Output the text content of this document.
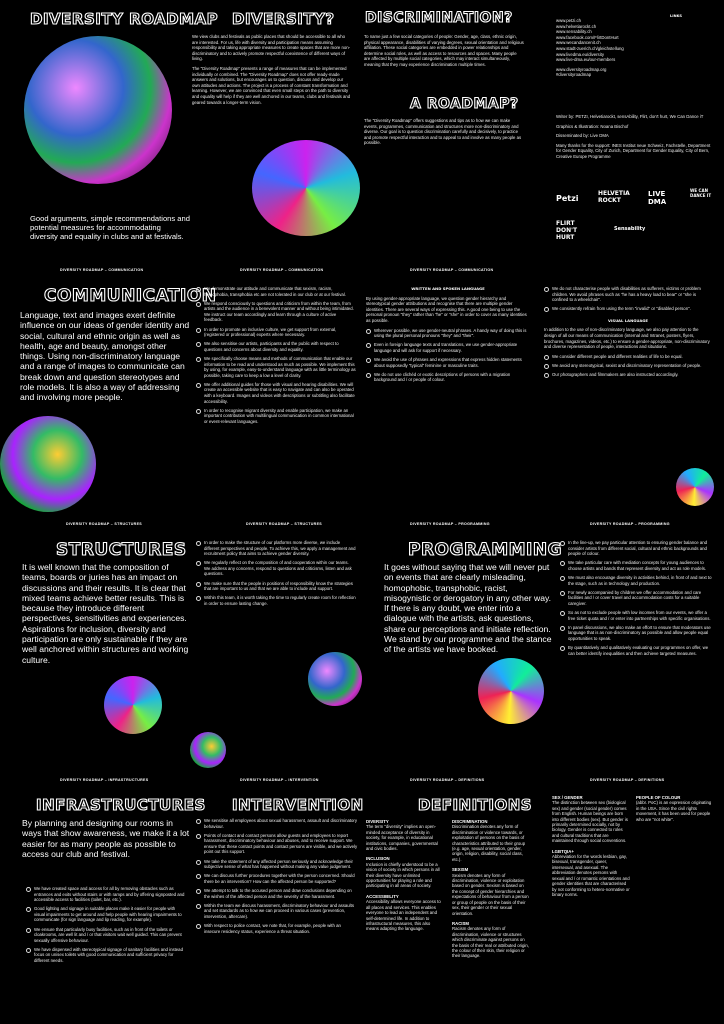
DIVERSITY ROADMAP
Good arguments, simple recommendations and potential measures for accommodating diversity and equality in clubs and at festivals.
DIVERSITY?

We view clubs and festivals as public places that should be accessible to all who are interested. For us, life with diversity and participation means assuming responsibility and taking appropriate measures to create spaces that are more non-discriminatory and to actively promote respectful coexistence of different ways of living.

The "Diversity Roadmap" presents a range of measures that can be implemented individually or combined. The "Diversity Roadmap" does not offer ready-made answers and solutions, but encourages us to question, discuss and develop our own attitudes and actions. The project is a process of constant transformation and learning. However, we are convinced that even small steps on the path to diversity and equality will help if they are well anchored in our teams, clubs and festivals and geared towards a longer-term vision.

DISCRIMINATION?
To name just a few social categories of people: Gender, age, class, ethnic origin, physical appearance, disabilities of varying degrees, sexual orientation and religious affiliation. These social categories are embedded in power relationships and determine social roles, as well as access to resources and spaces. Many people are affected by multiple social categories, which may interact simultaneously, meaning that they may experience discrimination multiple times.
A ROADMAP?
The "Diversity Roadmap" offers suggestions and tips as to how we can make events, programmes, communication and structures more non-discriminatory and diverse. Our goal is to question discrimination carefully and decisively, to practice and promote respectful interaction and to appeal to and involve as many people as possible.
LINKS
www.petzi.ch
www.helvetiarockt.ch
www.sensability.ch
www.facebook.com/FlirtDontHurt
www.wecandancenit.ch
www.stadt-zuerich.ch/gleichstellung
www.livedma.eu/diversity
www.live-dma.eu/our-members
www.diversityroadmap.org
#diversityroadmap

Writer by: PETZI, Helvetiarockt, sensAbility, Flirt, don't hurt, We Can Dance iT

Graphics & Illustration: Noana Bischof

Disseminated by: Live DMA

Many thanks for the support: INES Institut neue Schweiz, Fachstelle, Department for Gender Equality, City of Zurich, Department for Gender Equality, City of Bern, Creative Europe Programme

Petzi
HELVETIA ROCKT
LIVE DMA
WE CAN DANCE IT
FLIRT DON'T HURT
Sensability
DIVERSITY ROADMAP – COMMUNICATION	DIVERSITY ROADMAP – COMMUNICATION	DIVERSITY ROADMAP – COMMUNICATION
COMMUNICATION
Language, text and images exert definite influence on our ideas of gender identity and social, cultural and ethnic origin as well as health, age and beauty, amongst other things. Using non-discriminatory language and a range of images to communicate can break down and question stereotypes and role models. It is also a way of addressing and involving more people.
We demonstrate our attitude and communicate that sexism, racism, homophobia, transphobia etc are not tolerated in our club or at our festival.
We respond consciously to questions and criticism from within the team, from artists and the audience in a benevolent manner and without being intimidated. We instruct our team accordingly and learn through a culture of active feedback.
In order to promote an inclusive culture, we get support from external, (registered or professional) experts where necessary.
We also sensitise our artists, participants and the public with respect to questions and concerns about diversity and equality.
We specifically choose means and methods of communication that enable our information to be read and understood as much as possible. We implement this by using, for example, easy-to-understand language with as little terminology as possible, taking care to keep a low a level of clarity.
We offer additional guides for those with visual and hearing disabilities. We will create an accessible website that is easy to navigate and can also be operated with a keyboard. Images and videos with descriptions or subtitling also facilitate accessibility.
In order to recognise migrant diversity and enable participation, we make an important contribution with multilingual communication in common international or event-relevant languages.
WRITTEN AND SPOKEN LANGUAGE

By using gender-appropriate language, we question gender hierarchy and stereotypical gender attributions and recognise that there are multiple gender identities. There are several ways of expressing this. A good one being to use the personal pronoun "they" rather than "he" or "she" in order to cover as many identities as possible.

Wherever possible, we use gender-neutral phrases. A handy way of doing this is using the plural personal pronouns "they" and "their".
Even in foreign language texts and translations, we use gender-appropriate language and will ask for support if necessary.
We avoid the use of phrases and expressions that express hidden statements about supposedly "typical" feminine or masculine traits.
We do not use clichéd or exotic descriptions of persons with a migration background and / or people of colour.
We do not characterise people with disabilities as sufferers, victims or problem children. We avoid phrases such as "he has a heavy load to bear" or "she is confined to a wheelchair".
We consistently refrain from using the term "invalid" or "disabled person".
VISUAL LANGUAGE

In addition to the use of non-discriminatory language, we also pay attention to the design of all our means of communication (internal and Intranet, posters, flyers, brochures, magazines, videos, etc.) to ensure a gender-appropriate, non-discriminatory and diverse representation of people, interactions and situations.

We consider different people and different realities of life to be equal.
We avoid any stereotypical, sexist and discriminatory representation of people.
Our photographers and filmmakers are also instructed accordingly.
DIVERSITY ROADMAP – STRUCTURES	DIVERSITY ROADMAP – STRUCTURES	DIVERSITY ROADMAP – PROGRAMMING	DIVERSITY ROADMAP – PROGRAMMING
STRUCTURES
It is well known that the composition of teams, boards or juries has an impact on discussions and their results. It is clear that mixed teams achieve better results. This is because they introduce different perspectives, sensitivities and experiences. Aspirations for inclusion, diversity and participation are only sustainable if they are well anchored within structures and working culture.
In order to make the structure of our platforms more diverse, we include different perspectives and people. To achieve this, we apply a management and recruitment policy that aims to achieve gender diversity.
We regularly reflect on the composition of and cooperation within our teams. We address any concerns, respond to questions and criticisms, listen and ask questions.
We make sure that the people in positions of responsibility know the strategies that are important to us and that we are able to include and support.
Within this team, it is worth taking the time to regularly create room for reflection in order to ensure lasting change.
PROGRAMMING
It goes without saying that we will never put on events that are clearly misleading, homophobic, transphobic, racist, misogynistic or derogatory in any other way. If there is any doubt, we enter into a dialogue with the artists, ask questions, share our perceptions and initiate reflection. We stand by our programme and the stance of the artists we have booked.
In the line-up, we pay particular attention to ensuring gender balance and consider artists from different social, cultural and ethnic backgrounds and people of colour.
We take particular care with mediation concepts for young audiences to choose artists and bands that represent diversity and act as role models.
We must also encourage diversity in activities behind, in front of and next to the stage, such as in technology and production.
For newly accompanied by children we offer accommodation and care facilities and / or cover travel and accommodation costs for a suitable caregiver.
So as not to exclude people with low incomes from our events, we offer a free ticket quota and / or enter into partnerships with specific organisations.
In panel discussions, we also make an effort to ensure that moderators use language that is as non-discriminatory as possible and allow people equal opportunities to speak.
By quantitatively and qualitatively evaluating our programmes on offer, we can better identify inequalities and then achieve targeted measures.
DIVERSITY ROADMAP – INFRASTRUCTURES	DIVERSITY ROADMAP – INTERVENTION	DIVERSITY ROADMAP – DEFINITIONS	DIVERSITY ROADMAP – DEFINITIONS
INFRASTRUCTURES
By planning and designing our rooms in ways that show awareness, we make it a lot easier for as many people as possible to access our club and festival.
We have created space and access for all by removing obstacles such as entrances and exits without stairs or with ramps and by offering signposted and accessible access to facilities (toilet, bar, etc.).
Good lighting and signage in suitable places make it easier for people with visual impairments to get around and help people with hearing impairments to communicate (for sign language and lip reading, for example).
We ensure that particularly busy facilities, such as in front of the toilets or cloakrooms, are well lit and / or that visitors wait well guided. This can prevent sexually offensive behaviour.
We have dispensed with stereotypical signage of sanitary facilities and instead focus on unisex toilets with good communication and sufficient privacy for different needs.
INTERVENTION
We sensitise all employees about sexual harassment, assault and discriminatory behaviour.
Points of contact and contact persons allow guests and employees to report harassment, discriminatory behaviour and abuses, and to receive support. We ensure that these contact points and contact persons are visible, and we actively point out this support.
We take the statement of any affected person seriously and acknowledge their subjective sense of what has happened without making any value judgement.
We can discuss further procedures together with the person concerned. Should there be an intervention? How can the affected person be supported?
We attempt to talk to the accused person and draw conclusions depending on the wishes of the affected person and the severity of the harassment.
Within the team we discuss harassment, discriminatory behaviour and assaults and set standards as to how we can proceed in various cases (prevention, intervention, aftercare).
With respect to police contact, we note that, for example, people with an insecure residency status, experience a threat situation.
DEFINITIONS
DIVERSITY
The term "diversity" implies an open-minded acceptance of diversity in society, for example, in educational institutions, companies, governmental and civic bodies.
INCLUSION
Inclusion is chiefly understood to be a vision of society in which persons in all their diversity have unlimited opportunities for playing a role and participating in all areas of society.
ACCESSIBILITY
Accessibility allows everyone access to all places and services. This enables everyone to lead an independent and self-determined life. In addition to infrastructural measures, this also means adapting the language.
DISCRIMINATION
Discrimination denotes any form of discrimination or violence towards, or exploitation of persons on the basis of characteristics attributed to their group (e.g. age, sexual orientation, gender, origin, religion, disability, social class, etc.).
SEXISM
Sexism denotes any form of discrimination, violence or exploitation based on gender. Sexism is based on the concept of gender hierarchies and expectations of behaviour from a person or group of people on the basis of their sex, their gender or their sexual orientation.
RACISM
Racism denotes any form of discrimination, violence or structures which discriminate against persons on the basis of their real or attributed origin, the colour of their skin, their religion or their language.
SEX / GENDER
The distinction between sex (biological sex) and gender (social gender) comes from English. Human beings are born into different bodies (sex). But gender is primarily determined socially, not by biology. Gender is connected to roles and cultural traditions that are maintained through social conventions.
LGBTQIA+
Abbreviation for the words lesbian, gay, bisexual, transgender, queer, intersexual, and asexual. The abbreviation denotes persons with sexual and / or romantic orientations and gender identities that are characterised by not conforming to hetero-normative or binary norms.
PEOPLE OF COLOUR
(abbr. PoC) is an expression originating in the USA. Since the civil rights movement, it has been used for people who are "not white".
